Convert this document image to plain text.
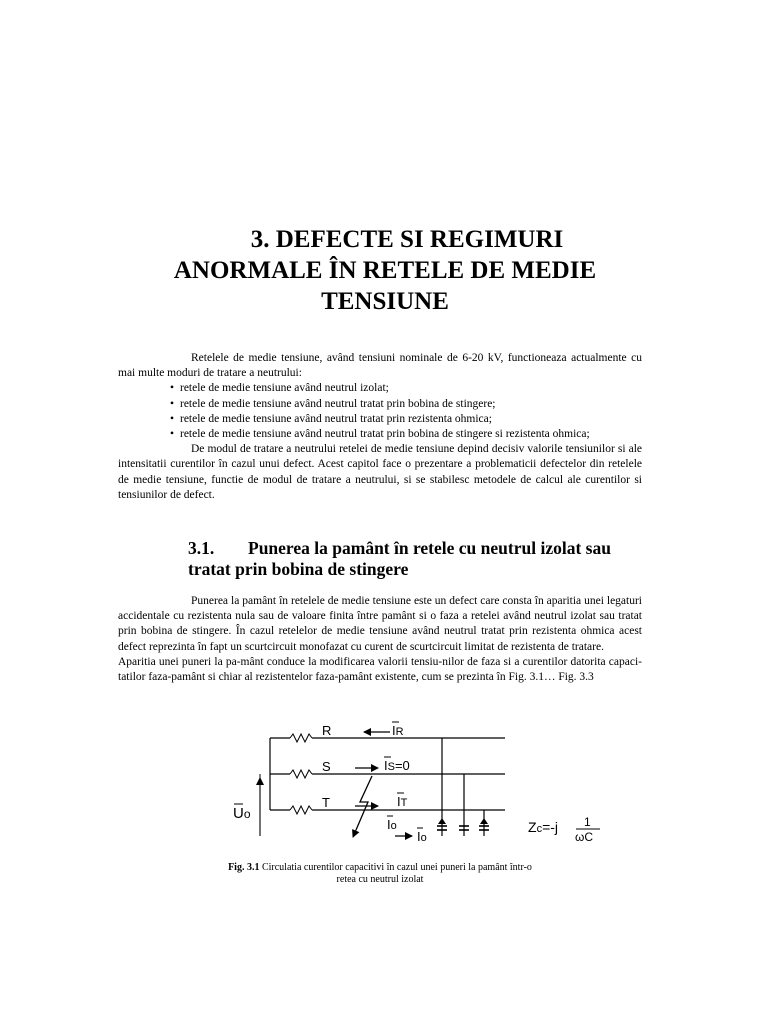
3. DEFECTE SI REGIMURI
ANORMALE ÎN RETELE DE MEDIE
TENSIUNE

Retelele de medie tensiune, având tensiuni nominale de 6-20 kV, functioneaza actualmente cu mai multe moduri de tratare a neutrului:

• retele de medie tensiune având neutrul izolat;
• retele de medie tensiune având neutrul tratat prin bobina de stingere;
• retele de medie tensiune având neutrul tratat prin rezistenta ohmica;
• retele de medie tensiune având neutrul tratat prin bobina de stingere si rezistenta ohmica;

De modul de tratare a neutrului retelei de medie tensiune depind decisiv valorile tensiunilor si ale intensitatii curentilor în cazul unui defect. Acest capitol face o prezentare a problematicii defectelor din retelele de medie tensiune, functie de modul de tratare a neutrului, si se stabilesc metodele de calcul ale curentilor si tensiunilor de defect.

3.1. Punerea la pamânt în retele cu neutrul izolat sau
tratat prin bobina de stingere

Punerea la pamânt în retelele de medie tensiune este un defect care consta în aparitia unei legaturi accidentale cu rezistenta nula sau de valoare finita între pamânt si o faza a retelei având neutrul izolat sau tratat prin bobina de stingere. În cazul retelelor de medie tensiune având neutrul tratat prin rezistenta ohmica acest defect reprezinta în fapt un scurtcircuit monofazat cu curent de scurtcircuit limitat de rezistenta de tratare.

Aparitia unei puneri la pa-mânt conduce la modificarea valorii tensiu-nilor de faza si a curentilor datorita capaci-tatilor faza-pamânt si chiar al rezistentelor faza-pamânt existente, cum se prezinta în Fig. 3.1… Fig. 3.3

R
S
T
IR
IS=0
IT
Io
Io
Uo
Zc=-j 1
ωC
Fig. 3.1 Circulatia curentilor capacitivi în cazul unei puneri la pamânt într-o
retea cu neutrul izolat
